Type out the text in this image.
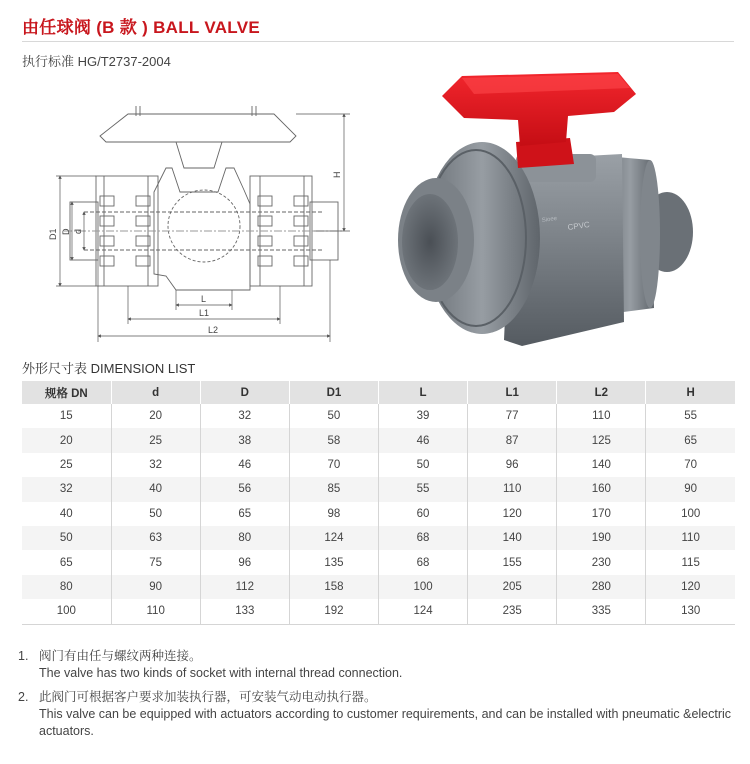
由任球阀 (B 款 ) BALL VALVE
执行标准 HG/T2737-2004
H
D1 D d
L
L1
L2
CPVC
Sioee
外形尺寸表 DIMENSION LIST
规格 DN	d	D	D1	L	L1	L2	H
15	20	32	50	39	77	110	55
20	25	38	58	46	87	125	65
25	32	46	70	50	96	140	70
32	40	56	85	55	110	160	90
40	50	65	98	60	120	170	100
50	63	80	124	68	140	190	110
65	75	96	135	68	155	230	115
80	90	112	158	100	205	280	120
100	110	133	192	124	235	335	130
1. 阀门有由任与螺纹两种连接。
The valve has two kinds of socket with internal thread connection.
2. 此阀门可根据客户要求加装执行器，可安装气动电动执行器。
This valve can be equipped with actuators according to customer requirements, and can be installed with pneumatic &electric actuators.
